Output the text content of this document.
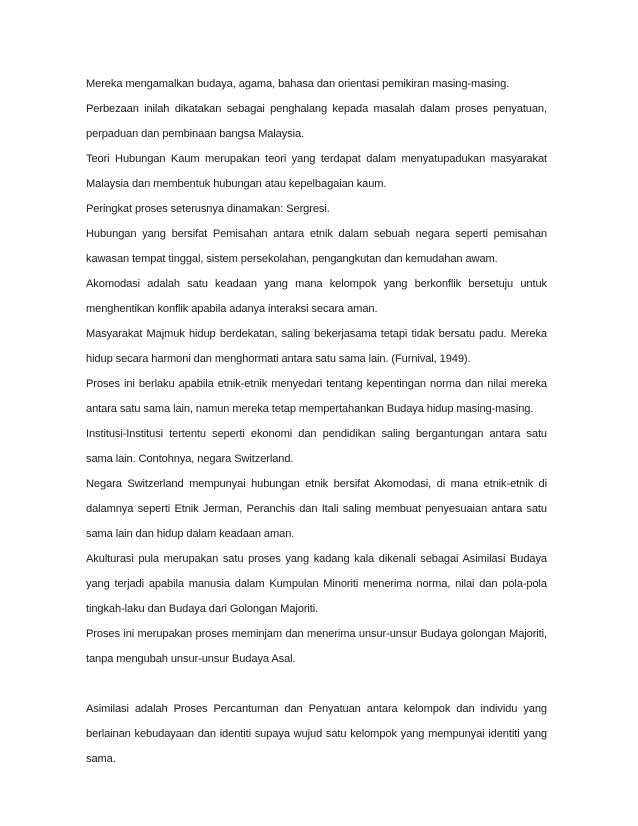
Mereka mengamalkan budaya, agama, bahasa dan orientasi pemikiran masing-masing.

Perbezaan inilah dikatakan sebagai penghalang kepada masalah dalam proses penyatuan, perpaduan dan pembinaan bangsa Malaysia.

Teori Hubungan Kaum merupakan teori yang terdapat dalam menyatupadukan masyarakat Malaysia dan membentuk hubungan atau kepelbagaian kaum.

Peringkat proses seterusnya dinamakan: Sergresi.

Hubungan yang bersifat Pemisahan antara etnik dalam sebuah negara seperti pemisahan kawasan tempat tinggal, sistem persekolahan, pengangkutan dan kemudahan awam.

Akomodasi adalah satu keadaan yang mana kelompok yang berkonflik bersetuju untuk menghentikan konflik apabila adanya interaksi secara aman.

Masyarakat Majmuk hidup berdekatan, saling bekerjasama tetapi tidak bersatu padu. Mereka hidup secara harmoni dan menghormati antara satu sama lain. (Furnival, 1949).

Proses ini berlaku apabila etnik-etnik menyedari tentang kepentingan norma dan nilai mereka antara satu sama lain, namun mereka tetap mempertahankan Budaya hidup masing-masing.

Institusi-Institusi tertentu seperti ekonomi dan pendidikan saling bergantungan antara satu sama lain. Contohnya, negara Switzerland.

Negara Switzerland mempunyai hubungan etnik bersifat Akomodasi, di mana etnik-etnik di dalamnya seperti Etnik Jerman, Peranchis dan Itali saling membuat penyesuaian antara satu sama lain dan hidup dalam keadaan aman.

Akulturasi pula merupakan satu proses yang kadang kala dikenali sebagai Asimilasi Budaya yang terjadi apabila manusia dalam Kumpulan Minoriti menerima norma, nilai dan pola-pola tingkah-laku dan Budaya dari Golongan Majoriti.

Proses ini merupakan proses meminjam dan menerima unsur-unsur Budaya golongan Majoriti, tanpa mengubah unsur-unsur Budaya Asal.

Asimilasi adalah Proses Percantuman dan Penyatuan antara kelompok dan individu yang berlainan kebudayaan dan identiti supaya wujud satu kelompok yang mempunyai identiti yang sama.
